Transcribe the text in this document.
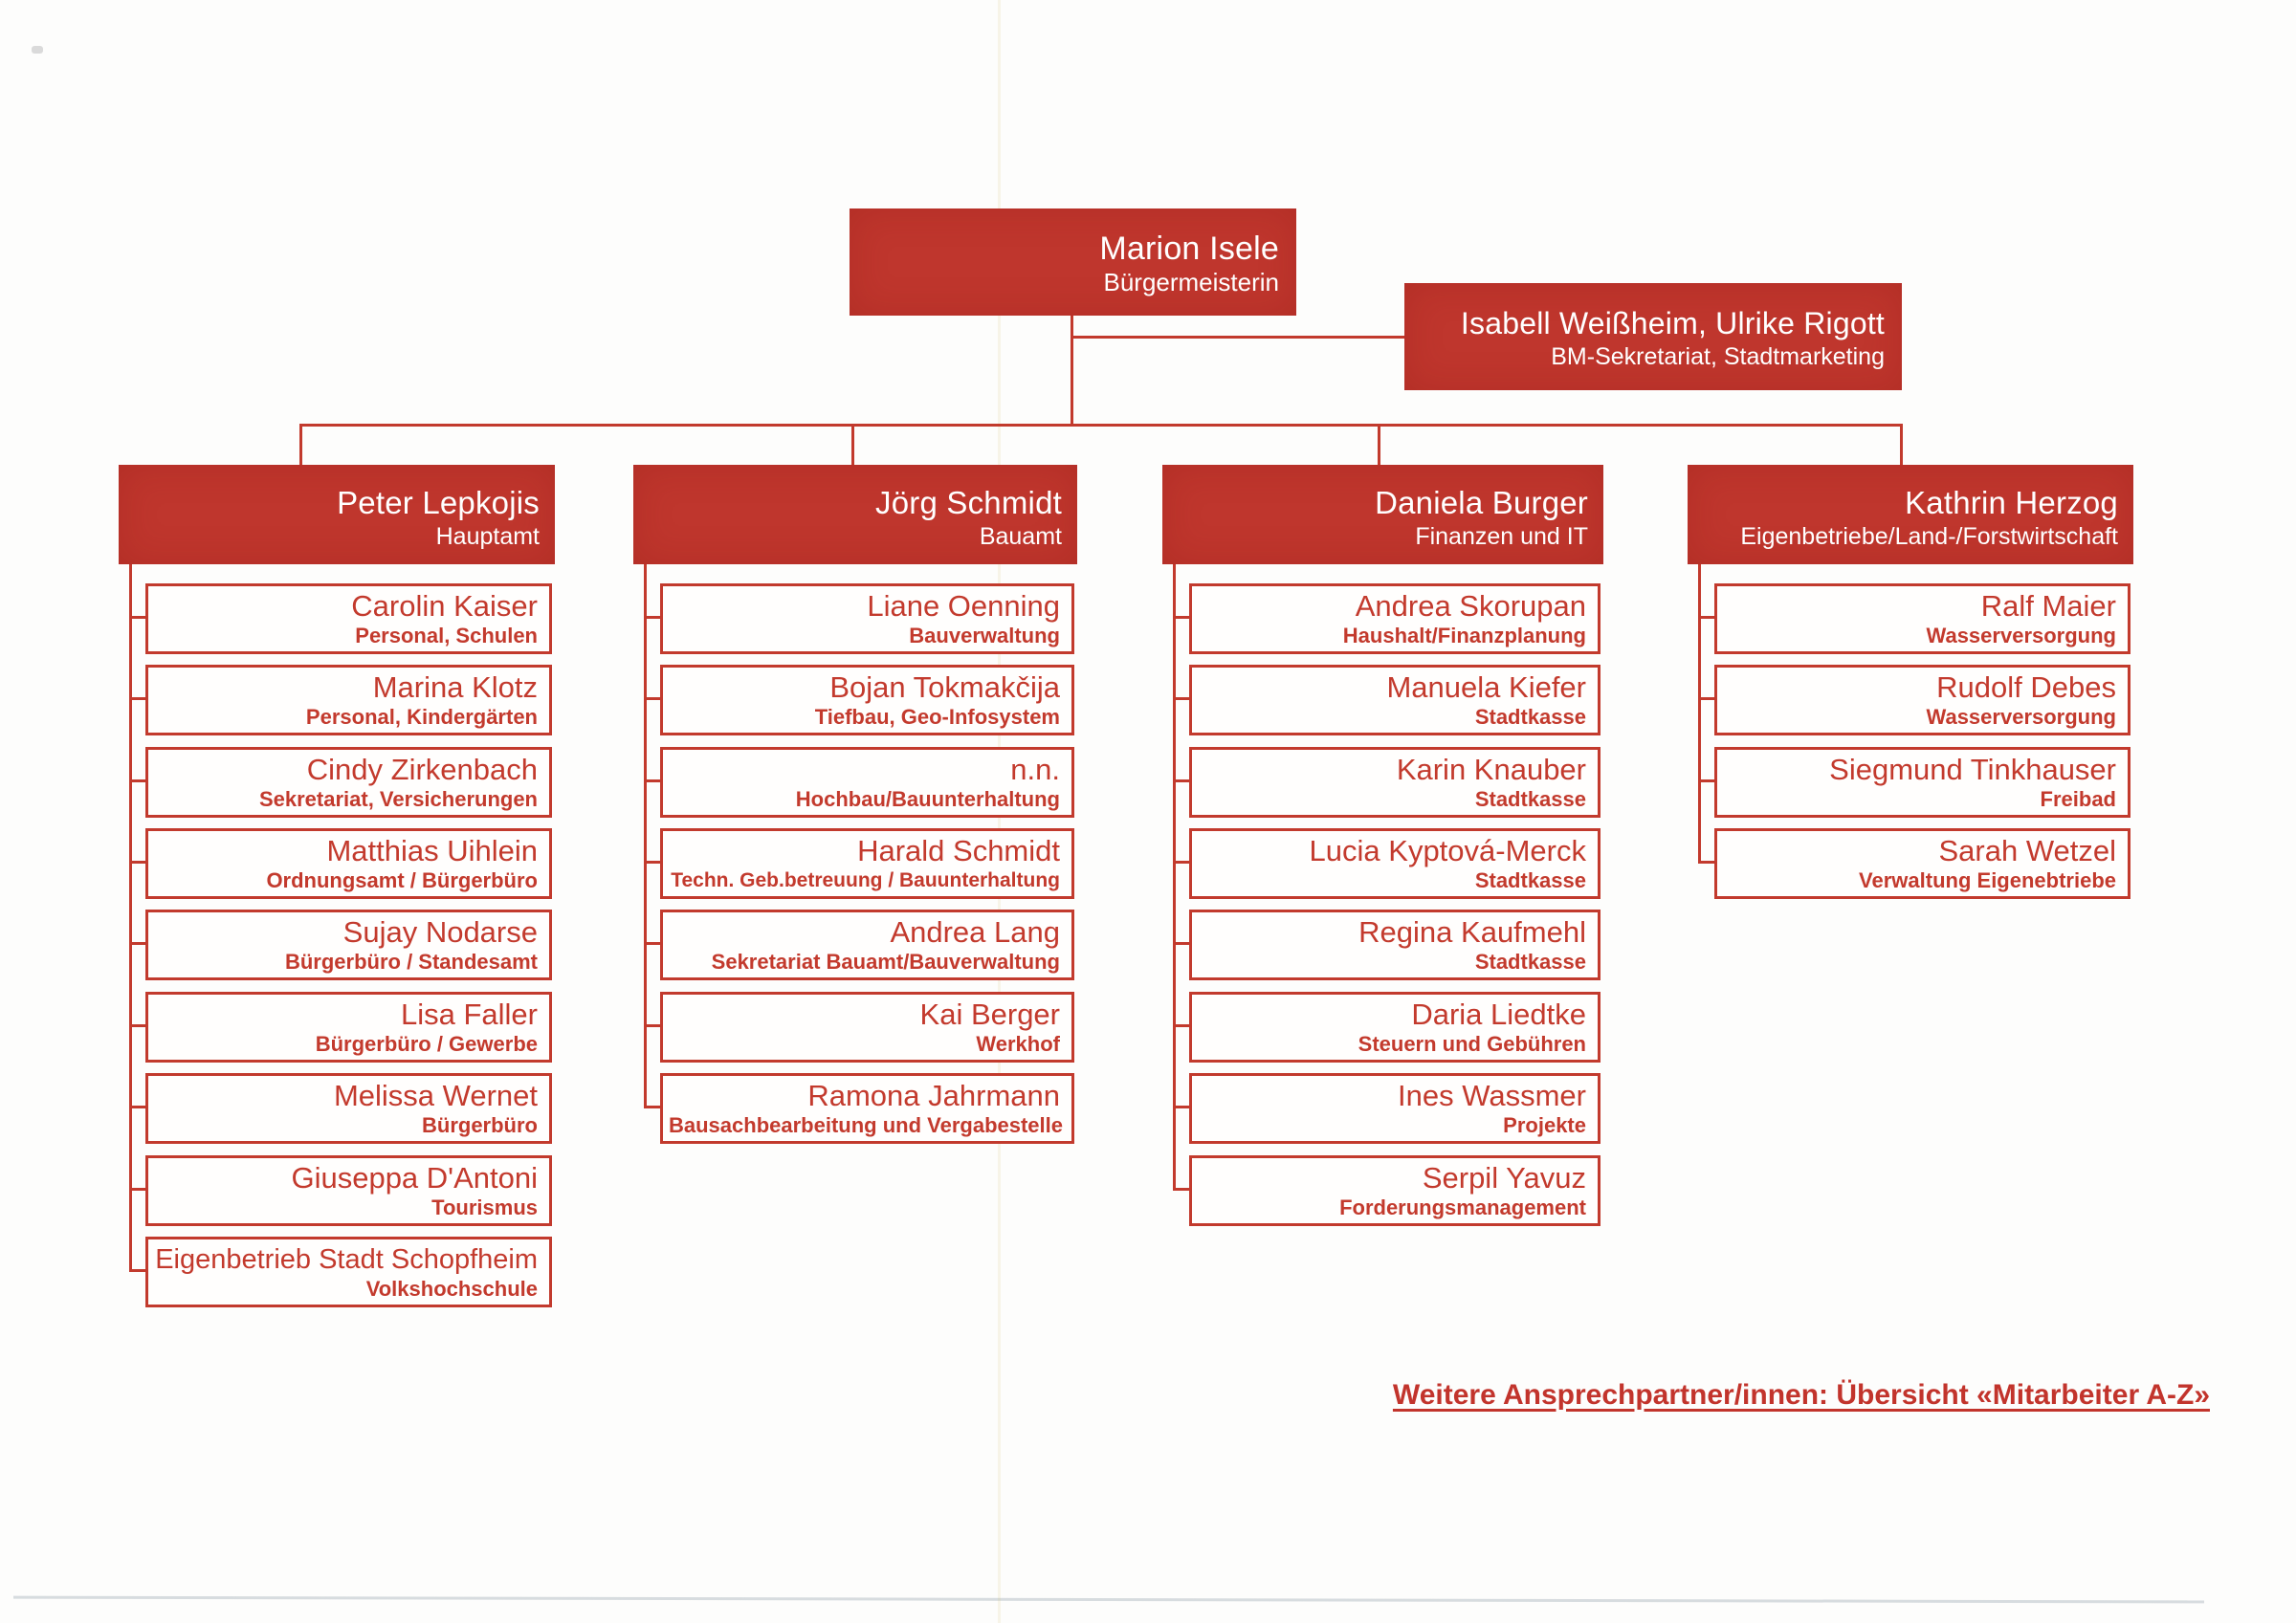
Marion Isele
Bürgermeisterin
Isabell Weißheim, Ulrike Rigott
BM-Sekretariat, Stadtmarketing
Peter Lepkojis
Hauptamt
Jörg Schmidt
Bauamt
Daniela Burger
Finanzen und IT
Kathrin Herzog
Eigenbetriebe/Land-/Forstwirtschaft
Carolin Kaiser
Personal, Schulen
Marina Klotz
Personal, Kindergärten
Cindy Zirkenbach
Sekretariat, Versicherungen
Matthias Uihlein
Ordnungsamt / Bürgerbüro
Sujay Nodarse
Bürgerbüro / Standesamt
Lisa Faller
Bürgerbüro / Gewerbe
Melissa Wernet
Bürgerbüro
Giuseppa D'Antoni
Tourismus
Eigenbetrieb Stadt Schopfheim
Volkshochschule
Liane Oenning
Bauverwaltung
Bojan Tokmakčija
Tiefbau, Geo-Infosystem
n.n.
Hochbau/Bauunterhaltung
Harald Schmidt
Techn. Geb.betreuung / Bauunterhaltung
Andrea Lang
Sekretariat Bauamt/Bauverwaltung
Kai Berger
Werkhof
Ramona Jahrmann
Bausachbearbeitung und Vergabestelle
Andrea Skorupan
Haushalt/Finanzplanung
Manuela Kiefer
Stadtkasse
Karin Knauber
Stadtkasse
Lucia Kyptová-Merck
Stadtkasse
Regina Kaufmehl
Stadtkasse
Daria Liedtke
Steuern und Gebühren
Ines Wassmer
Projekte
Serpil Yavuz
Forderungsmanagement
Ralf Maier
Wasserversorgung
Rudolf Debes
Wasserversorgung
Siegmund Tinkhauser
Freibad
Sarah Wetzel
Verwaltung Eigenebtriebe
Weitere Ansprechpartner/innen: Übersicht «Mitarbeiter A-Z»
